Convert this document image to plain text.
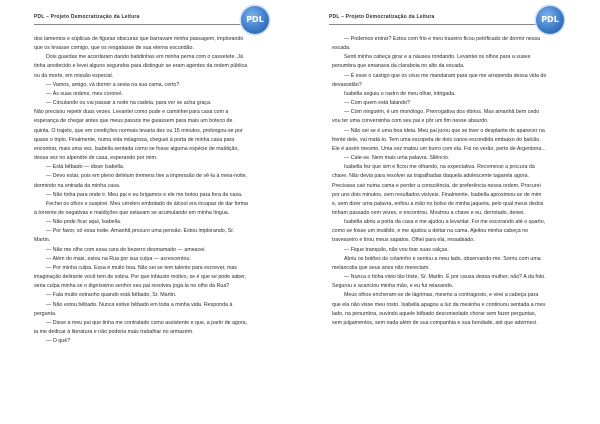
PDL – Projeto Democratização da Leitura	PDL
dos lamentos e súplicas de figuras obscuras que barravam minha passagem, implorando
que os levasse comigo, que os resgatasse de sua eterna escuridão.
Dois guardas me acordaram dando batidinhas em minha perna com o cassetete. Já
tinha anoitecido e levei alguns segundos para distinguir se eram agentes da ordem pública
ou da morte, em missão especial.
— Vamos, amigo, vá dormir a sesta na sua cama, certo?
— Às suas ordens, meu coronel.
— Circulando ou vai passar a noite na cadeia, para ver se acha graça.
Não precisou repetir duas vezes. Levantei como pude e caminhei para casa com a
esperança de chegar antes que meus passos me guiassem para mais um boteco de
quinta. O trajeto, que em condições normais levaria dez ou 15 minutos, prolongou-se por
quase o triplo. Finalmente, numa vida milagrosa, cheguei à porta de minha casa para
encontrar, mais uma vez, Isabella sentada como se fosse alguma espécie de maldição,
dessa vez no alpendre de casa, esperando por mim.
— Está bêbado — disse Isabella.
— Devo estar, pois em pleno delirium tremens tive a impressão de vê-la à meia-noite,
dormindo na entrada da minha casa.
— Não tinha para onde ir. Meu pai e eu brigamos e ele me botou para fora de casa.
Fechei os olhos e suspirei. Meu cérebro embotado de álcool era incapaz de dar forma
à torrente de negativas e maldições que estavam se acumulando em minha língua.
— Não pode ficar aqui, Isabella.
— Por favor, só essa noite. Amanhã procuro uma pensão. Estou implorando, Sr.
Martin.
— Não me olhe com essa cara de bezerro desmamado — ameacei.
— Além do mais, estou na Rua por sua culpa — acrescentou.
— Por minha culpa. Essa é muito boa. Não sei se tem talento para escrever, mas
imaginação delirante você tem de sobra. Por que infausto motivo, se é que se pode saber,
seria culpa minha se o digníssimo senhor seu pai resolveu jogá-la no olho da Rua?
— Fala muito estranho quando está bêbado, Sr. Martin.
— Não estou bêbado. Nunca estive bêbado em toda a minha vida. Responda à
pergunta.
— Disse a meu pai que tinha me contratado como assistente e que, a partir de agora,
ia me dedicar à literatura e não poderia mais trabalhar no armazém.
— O quê?
PDL – Projeto Democratização da Leitura	PDL
— Podemos entrar? Estou com frio e meu traseiro ficou petrificado de dormir nessa
escada.
Senti minha cabeça girar e a náusea rondando. Levantei os olhos para a suave
penumbra que emanava da claraboia no alto da escada.
— É esse o castigo que os céus me mandaram para que me arrependa dessa vida de
devassidão?
Isabella seguiu o rastro de meu olhar, intrigada.
— Com quem está falando?
— Com ninguém, é um monólogo. Prerrogativa dos ébrios. Mas amanhã bem cedo
vou ter uma conversinha com seu pai e pôr um fim nesse absurdo.
— Não sei se é uma boa ideia. Meu pai jurou que se tiver o desplante de aparecer na
frente dele, vai matá-lo. Tem uma escopeta de dois canos escondida embaixo do balcão.
Ele é assim mesmo. Uma vez matou um burro com ela. Foi no verão, perto de Argentona...
— Cale-se. Nem mais uma palavra. Silêncio.
Isabella fez que sim e ficou me olhando, na expectativa. Recomecei a procura da
chave. Não devia para resolver as trapalhadas daquela adolescente tagarela agora.
Precisava cair numa cama e perder a consciência, de preferência nessa ordem. Procurei
por uns dois minutos, sem resultados visíveis. Finalmente, Isabella aproximou-se de mim
e, sem dizer uma palavra, enfiou a mão no bolso de minha jaqueta, pelo qual meus dedos
tinham passado cem vezes, e encontrou. Mostrou a chave e eu, derrotado, deixei.
Isabella abriu a porta da casa e me ajudou a levantar. Foi me escorando até o quarto,
como se fosse um inválido, e me ajudou a deitar na cama. Ajeitou minha cabeça no
travesseiro e tirou meus sapatos. Olhei para ela, ressabiado.
— Fique tranquilo, não vou tirar suas calças.
Abriu os botões do colarinho e sentou a meu lado, observando-me. Sorriu com uma
melancolia que seus anos não mereciam.
— Nunca o tinha visto tão triste, Sr. Martin. É por causa dessa mulher, não? A da foto.
Segurou e acariciou minha mão, e eu fui relaxando.
Meus olhos encheram-se de lágrimas, mesmo a contragosto, e virei a cabeça para
que ela não visse meu rosto. Isabella apagou a luz da mesinha e continuou sentada a meu
lado, na penumbra, ouvindo aquele bêbado desconsolado chorar sem fazer perguntas,
sem julgamentos, sem nada além de sua companhia e sua bondade, até que adormeci.
